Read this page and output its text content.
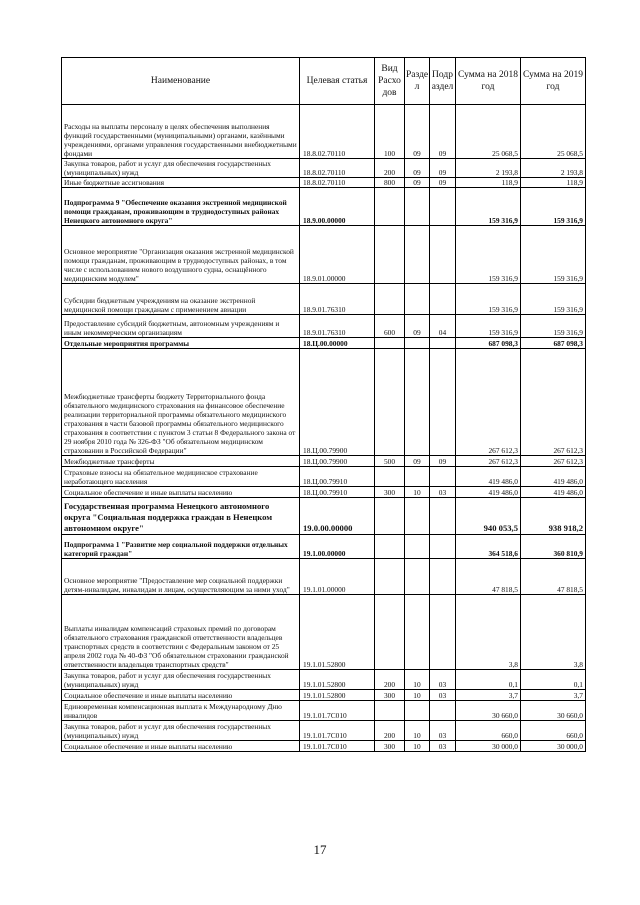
Наименование	Целевая статья	Вид Расхо дов	Разде л	Подр аздел	Сумма на 2018 год	Сумма на 2019 год
Расходы на выплаты персоналу в целях обеспечения выполнения функций государственными (муниципальными) органами, казёнными учреждениями, органами управления государственными внебюджетными фондами	18.8.02.70110	100	09	09	25 068,5	25 068,5
Закупка товаров, работ и услуг для обеспечения государственных (муниципальных) нужд	18.8.02.70110	200	09	09	2 193,8	2 193,8
Иные бюджетные ассигнования	18.8.02.70110	800	09	09	118,9	118,9
Подпрограмма 9 "Обеспечение оказания экстренной медицинской помощи гражданам, проживающим в труднодоступных районах Ненецкого автономного округа"	18.9.00.00000				159 316,9	159 316,9
Основное мероприятие "Организация оказания экстренной медицинской помощи гражданам, проживающим в труднодоступных районах, в том числе с использованием нового воздушного судна, оснащённого медицинским модулем"	18.9.01.00000				159 316,9	159 316,9
Субсидии бюджетным учреждениям на оказание экстренной медицинской помощи гражданам с применением авиации	18.9.01.76310				159 316,9	159 316,9
Предоставление субсидий бюджетным, автономным учреждениям и иным некоммерческим организациям	18.9.01.76310	600	09	04	159 316,9	159 316,9
Отдельные мероприятия программы	18.Ц.00.00000				687 098,3	687 098,3
Межбюджетные трансферты бюджету Территориального фонда обязательного медицинского страхования на финансовое обеспечение реализации территориальной программы обязательного медицинского страхования в части базовой программы обязательного медицинского страхования в соответствии с пунктом 3 статьи 8 Федерального закона от 29 ноября 2010 года № 326-ФЗ "Об обязательном медицинском страховании в Российской Федерации"	18.Ц.00.79900				267 612,3	267 612,3
Межбюджетные трансферты	18.Ц.00.79900	500	09	09	267 612,3	267 612,3
Страховые взносы на обязательное медицинское страхование неработающего населения	18.Ц.00.79910				419 486,0	419 486,0
Социальное обеспечение и иные выплаты населению	18.Ц.00.79910	300	10	03	419 486,0	419 486,0
Государственная программа Ненецкого автономного округа "Социальная поддержка граждан в Ненецком автономном округе"	19.0.00.00000				940 053,5	938 918,2
Подпрограмма 1 "Развитие мер социальной поддержки отдельных категорий граждан"	19.1.00.00000				364 518,6	360 810,9
Основное мероприятие "Предоставление мер социальной поддержки детям-инвалидам, инвалидам и лицам, осуществляющим за ними уход"	19.1.01.00000				47 818,5	47 818,5
Выплаты инвалидам компенсаций страховых премий по договорам обязательного страхования гражданской ответственности владельцев транспортных средств в соответствии с Федеральным законом от 25 апреля 2002 года № 40-ФЗ "Об обязательном страховании гражданской ответственности владельцев транспортных средств"	19.1.01.52800				3,8	3,8
Закупка товаров, работ и услуг для обеспечения государственных (муниципальных) нужд	19.1.01.52800	200	10	03	0,1	0,1
Социальное обеспечение и иные выплаты населению	19.1.01.52800	300	10	03	3,7	3,7
Единовременная компенсационная выплата к Международному Дню инвалидов	19.1.01.7С010				30 660,0	30 660,0
Закупка товаров, работ и услуг для обеспечения государственных (муниципальных) нужд	19.1.01.7С010	200	10	03	660,0	660,0
Социальное обеспечение и иные выплаты населению	19.1.01.7С010	300	10	03	30 000,0	30 000,0
17
